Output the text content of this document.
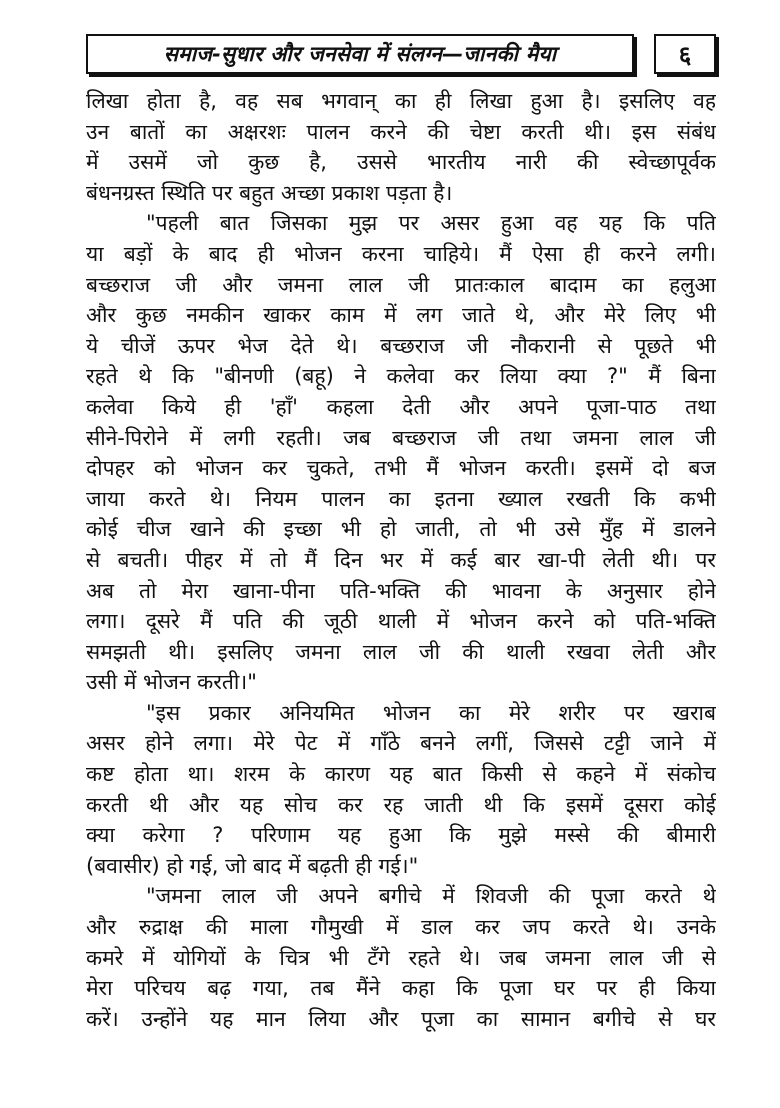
समाज-सुधार और जनसेवा में संलग्न—जानकी मैया	६
लिखा होता है, वह सब भगवान् का ही लिखा हुआ है। इसलिए वह
उन बातों का अक्षरशः पालन करने की चेष्टा करती थी। इस संबंध
में उसमें जो कुछ है, उससे भारतीय नारी की स्वेच्छापूर्वक
बंधनग्रस्त स्थिति पर बहुत अच्छा प्रकाश पड़ता है।
"पहली बात जिसका मुझ पर असर हुआ वह यह कि पति
या बड़ों के बाद ही भोजन करना चाहिये। मैं ऐसा ही करने लगी।
बच्छराज जी और जमना लाल जी प्रातःकाल बादाम का हलुआ
और कुछ नमकीन खाकर काम में लग जाते थे, और मेरे लिए भी
ये चीजें ऊपर भेज देते थे। बच्छराज जी नौकरानी से पूछते भी
रहते थे कि "बीनणी (बहू) ने कलेवा कर लिया क्या ?" मैं बिना
कलेवा किये ही 'हाँ' कहला देती और अपने पूजा-पाठ तथा
सीने-पिरोने में लगी रहती। जब बच्छराज जी तथा जमना लाल जी
दोपहर को भोजन कर चुकते, तभी मैं भोजन करती। इसमें दो बज
जाया करते थे। नियम पालन का इतना ख्याल रखती कि कभी
कोई चीज खाने की इच्छा भी हो जाती, तो भी उसे मुँह में डालने
से बचती। पीहर में तो मैं दिन भर में कई बार खा-पी लेती थी। पर
अब तो मेरा खाना-पीना पति-भक्ति की भावना के अनुसार होने
लगा। दूसरे मैं पति की जूठी थाली में भोजन करने को पति-भक्ति
समझती थी। इसलिए जमना लाल जी की थाली रखवा लेती और
उसी में भोजन करती।"
"इस प्रकार अनियमित भोजन का मेरे शरीर पर खराब
असर होने लगा। मेरे पेट में गाँठे बनने लगीं, जिससे टट्टी जाने में
कष्ट होता था। शरम के कारण यह बात किसी से कहने में संकोच
करती थी और यह सोच कर रह जाती थी कि इसमें दूसरा कोई
क्या करेगा ? परिणाम यह हुआ कि मुझे मस्से की बीमारी
(बवासीर) हो गई, जो बाद में बढ़ती ही गई।"
"जमना लाल जी अपने बगीचे में शिवजी की पूजा करते थे
और रुद्राक्ष की माला गौमुखी में डाल कर जप करते थे। उनके
कमरे में योगियों के चित्र भी टँगे रहते थे। जब जमना लाल जी से
मेरा परिचय बढ़ गया, तब मैंने कहा कि पूजा घर पर ही किया
करें। उन्होंने यह मान लिया और पूजा का सामान बगीचे से घर
